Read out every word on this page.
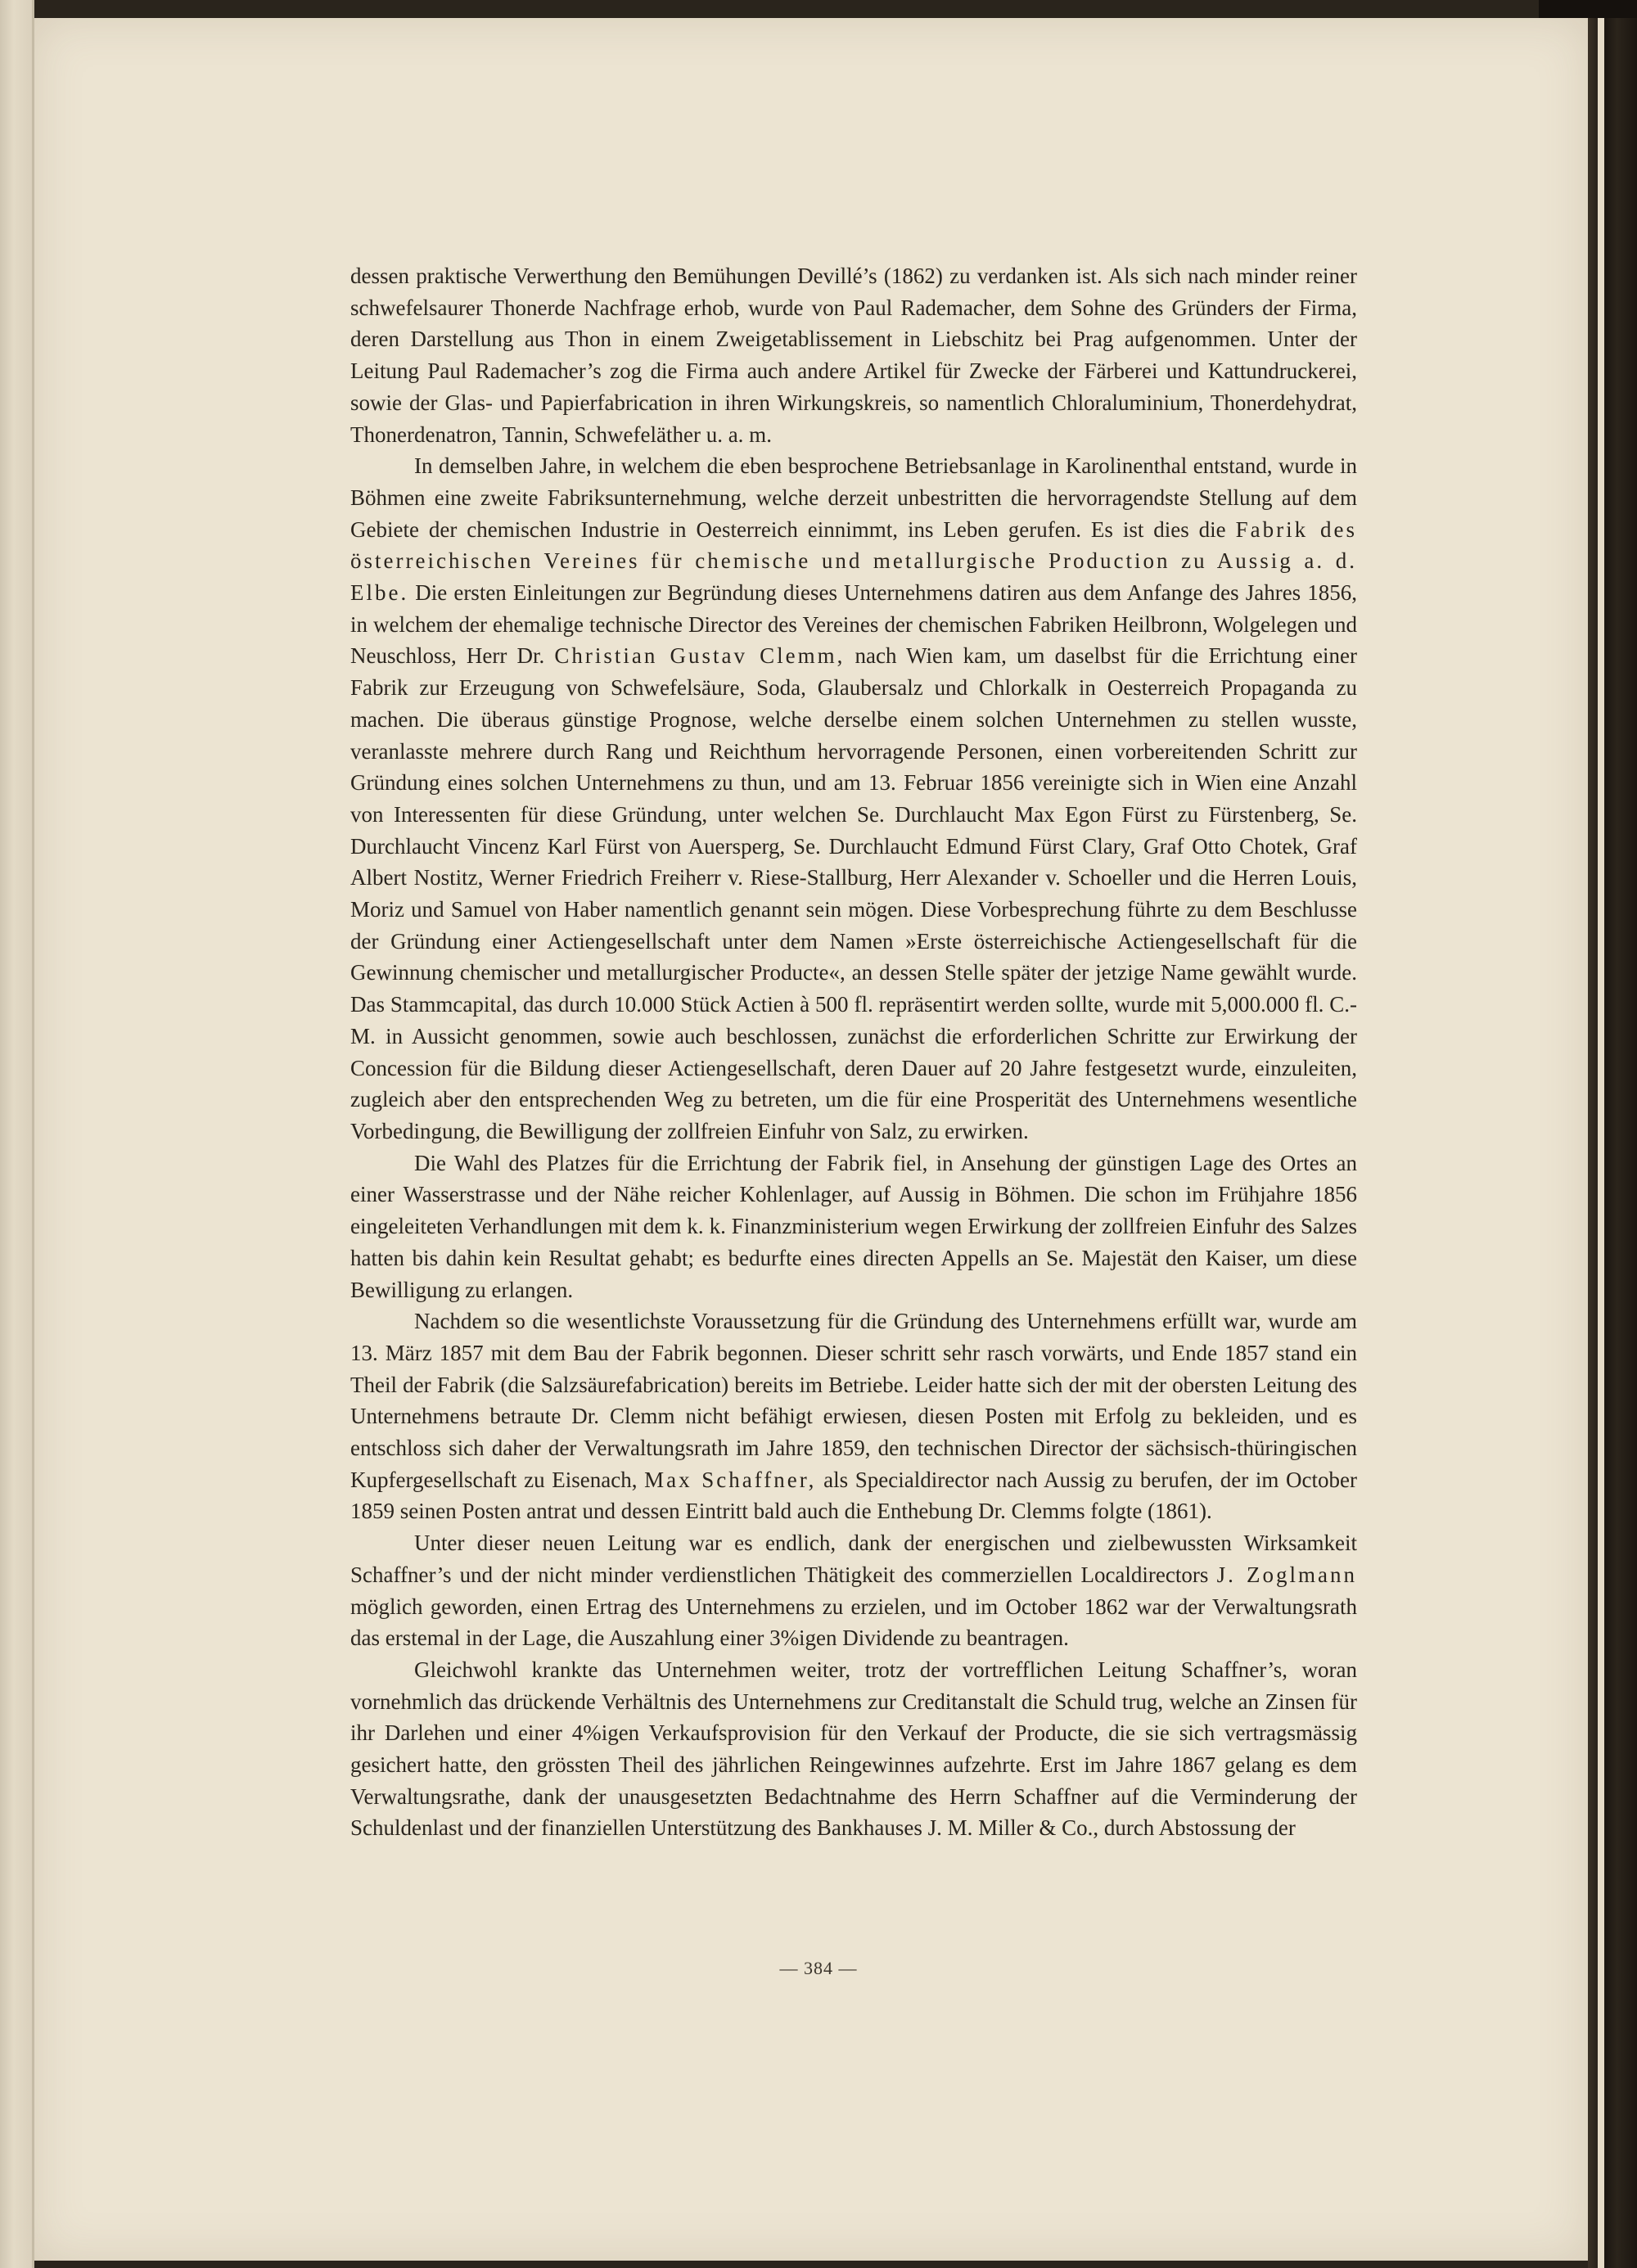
dessen praktische Verwerthung den Bemühungen Devillé’s (1862) zu verdanken ist. Als sich nach minder reiner schwefelsaurer Thonerde Nachfrage erhob, wurde von Paul Rademacher, dem Sohne des Gründers der Firma, deren Darstellung aus Thon in einem Zweigetablissement in Liebschitz bei Prag aufgenommen. Unter der Leitung Paul Rademacher’s zog die Firma auch andere Artikel für Zwecke der Färberei und Kattundruckerei, sowie der Glas- und Papierfabrication in ihren Wirkungskreis, so namentlich Chloraluminium, Thonerdehydrat, Thonerdenatron, Tannin, Schwefeläther u. a. m.

In demselben Jahre, in welchem die eben besprochene Betriebsanlage in Karolinenthal entstand, wurde in Böhmen eine zweite Fabriksunternehmung, welche derzeit unbestritten die hervorragendste Stellung auf dem Gebiete der chemischen Industrie in Oesterreich einnimmt, ins Leben gerufen. Es ist dies die Fabrik des österreichischen Vereines für chemische und metallurgische Production zu Aussig a. d. Elbe. Die ersten Einleitungen zur Begründung dieses Unternehmens datiren aus dem Anfange des Jahres 1856, in welchem der ehemalige technische Director des Vereines der chemischen Fabriken Heilbronn, Wolgelegen und Neuschloss, Herr Dr. Christian Gustav Clemm, nach Wien kam, um daselbst für die Errichtung einer Fabrik zur Erzeugung von Schwefelsäure, Soda, Glaubersalz und Chlorkalk in Oesterreich Propaganda zu machen. Die überaus günstige Prognose, welche derselbe einem solchen Unternehmen zu stellen wusste, veranlasste mehrere durch Rang und Reichthum hervorragende Personen, einen vorbereitenden Schritt zur Gründung eines solchen Unternehmens zu thun, und am 13. Februar 1856 vereinigte sich in Wien eine Anzahl von Interessenten für diese Gründung, unter welchen Se. Durchlaucht Max Egon Fürst zu Fürstenberg, Se. Durchlaucht Vincenz Karl Fürst von Auersperg, Se. Durchlaucht Edmund Fürst Clary, Graf Otto Chotek, Graf Albert Nostitz, Werner Friedrich Freiherr v. Riese-Stallburg, Herr Alexander v. Schoeller und die Herren Louis, Moriz und Samuel von Haber namentlich genannt sein mögen. Diese Vorbesprechung führte zu dem Beschlusse der Gründung einer Actiengesellschaft unter dem Namen »Erste österreichische Actiengesellschaft für die Gewinnung chemischer und metallurgischer Producte«, an dessen Stelle später der jetzige Name gewählt wurde. Das Stammcapital, das durch 10.000 Stück Actien à 500 fl. repräsentirt werden sollte, wurde mit 5,000.000 fl. C.-M. in Aussicht genommen, sowie auch beschlossen, zunächst die erforderlichen Schritte zur Erwirkung der Concession für die Bildung dieser Actiengesellschaft, deren Dauer auf 20 Jahre festgesetzt wurde, einzuleiten, zugleich aber den entsprechenden Weg zu betreten, um die für eine Prosperität des Unternehmens wesentliche Vorbedingung, die Bewilligung der zollfreien Einfuhr von Salz, zu erwirken.

Die Wahl des Platzes für die Errichtung der Fabrik fiel, in Ansehung der günstigen Lage des Ortes an einer Wasserstrasse und der Nähe reicher Kohlenlager, auf Aussig in Böhmen. Die schon im Frühjahre 1856 eingeleiteten Verhandlungen mit dem k. k. Finanzministerium wegen Erwirkung der zollfreien Einfuhr des Salzes hatten bis dahin kein Resultat gehabt; es bedurfte eines directen Appells an Se. Majestät den Kaiser, um diese Bewilligung zu erlangen.

Nachdem so die wesentlichste Voraussetzung für die Gründung des Unternehmens erfüllt war, wurde am 13. März 1857 mit dem Bau der Fabrik begonnen. Dieser schritt sehr rasch vorwärts, und Ende 1857 stand ein Theil der Fabrik (die Salzsäurefabrication) bereits im Betriebe. Leider hatte sich der mit der obersten Leitung des Unternehmens betraute Dr. Clemm nicht befähigt erwiesen, diesen Posten mit Erfolg zu bekleiden, und es entschloss sich daher der Verwaltungsrath im Jahre 1859, den technischen Director der sächsisch-thüringischen Kupfergesellschaft zu Eisenach, Max Schaffner, als Specialdirector nach Aussig zu berufen, der im October 1859 seinen Posten antrat und dessen Eintritt bald auch die Enthebung Dr. Clemms folgte (1861).

Unter dieser neuen Leitung war es endlich, dank der energischen und zielbewussten Wirksamkeit Schaffner’s und der nicht minder verdienstlichen Thätigkeit des commerziellen Localdirectors J. Zoglmann möglich geworden, einen Ertrag des Unternehmens zu erzielen, und im October 1862 war der Verwaltungsrath das erstemal in der Lage, die Auszahlung einer 3%igen Dividende zu beantragen.

Gleichwohl krankte das Unternehmen weiter, trotz der vortrefflichen Leitung Schaffner’s, woran vornehmlich das drückende Verhältnis des Unternehmens zur Creditanstalt die Schuld trug, welche an Zinsen für ihr Darlehen und einer 4%igen Verkaufsprovision für den Verkauf der Producte, die sie sich vertragsmässig gesichert hatte, den grössten Theil des jährlichen Reingewinnes aufzehrte. Erst im Jahre 1867 gelang es dem Verwaltungsrathe, dank der unausgesetzten Bedachtnahme des Herrn Schaffner auf die Verminderung der Schuldenlast und der finanziellen Unterstützung des Bankhauses J. M. Miller & Co., durch Abstossung der

— 384 —
